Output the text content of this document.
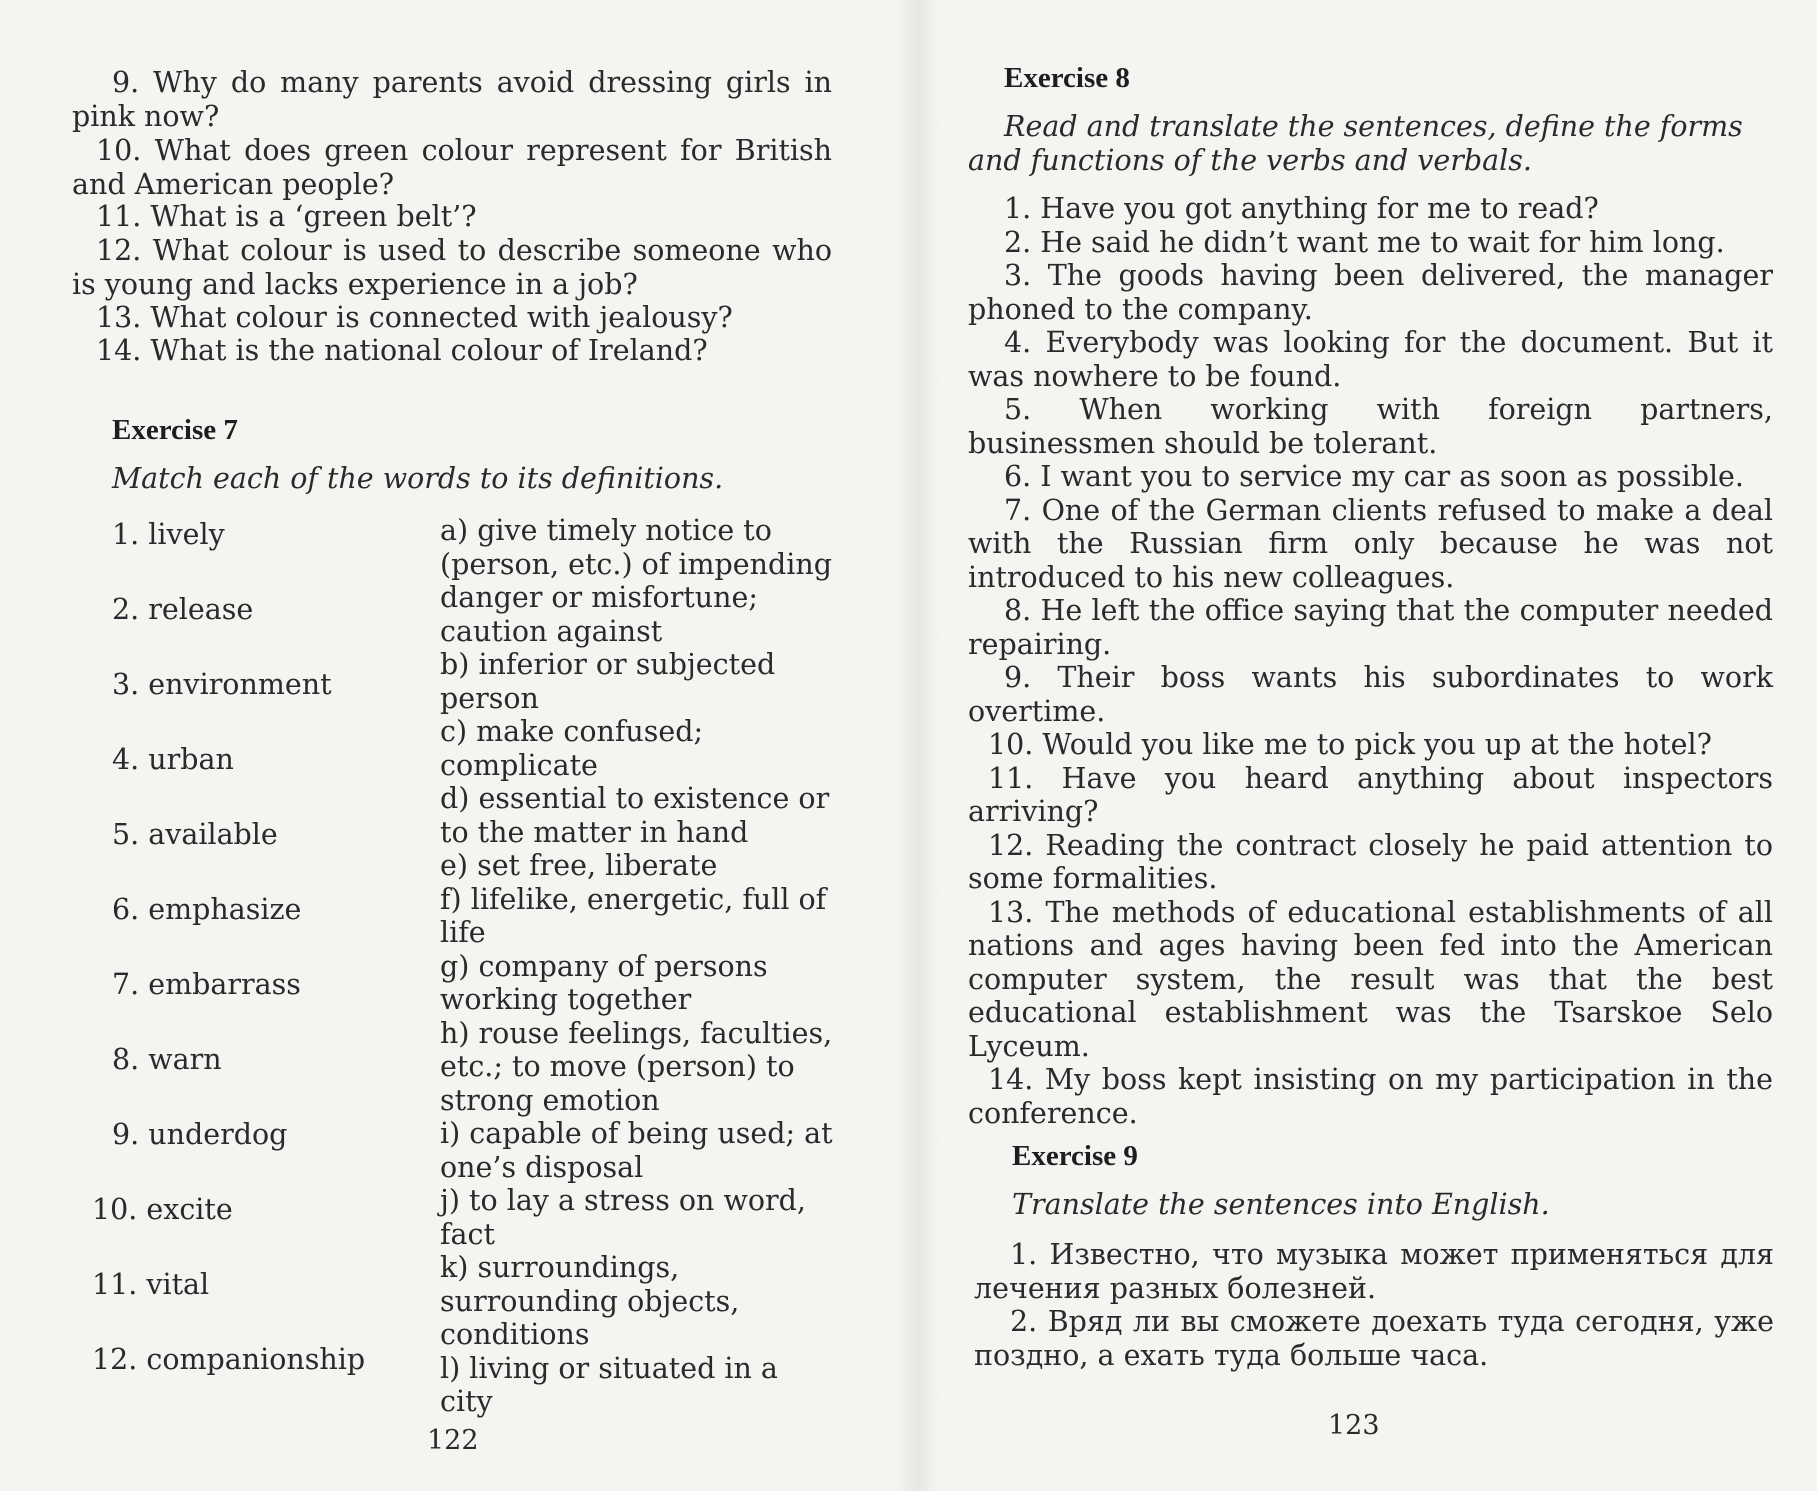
9. Why do many parents avoid dressing girls in pink now?

10. What does green colour represent for British and American people?

11. What is a ‘green belt’?

12. What colour is used to describe someone who is young and lacks experience in a job?

13. What colour is connected with jealousy?

14. What is the national colour of Ireland?

Exercise 7
Match each of the words to its definitions.
1. lively
2. release
3. environment
4. urban
5. available
6. emphasize
7. embarrass
8. warn
9. underdog
10. excite
11. vital
12. companionship
a) give timely notice to (person, etc.) of impending danger or misfortune; caution against
b) inferior or subjected person
c) make confused; complicate
d) essential to existence or to the matter in hand
e) set free, liberate
f) lifelike, energetic, full of life
g) company of persons working together
h) rouse feelings, faculties, etc.; to move (person) to strong emotion
i) capable of being used; at one’s disposal
j) to lay a stress on word, fact
k) surroundings, surrounding objects, conditions
l) living or situated in a city
122
Exercise 8
Read and translate the sentences, define the forms and functions of the verbs and verbals.

1. Have you got anything for me to read?

2. He said he didn’t want me to wait for him long.

3. The goods having been delivered, the manager phoned to the company.

4. Everybody was looking for the document. But it was nowhere to be found.

5. When working with foreign partners, businessmen should be tolerant.

6. I want you to service my car as soon as possible.

7. One of the German clients refused to make a deal with the Russian firm only because he was not introduced to his new colleagues.

8. He left the office saying that the computer needed repairing.

9. Their boss wants his subordinates to work overtime.

10. Would you like me to pick you up at the hotel?

11. Have you heard anything about inspectors arriving?

12. Reading the contract closely he paid attention to some formalities.

13. The methods of educational establishments of all nations and ages having been fed into the American computer system, the result was that the best educational establishment was the Tsarskoe Selo Lyceum.

14. My boss kept insisting on my participation in the conference.

Exercise 9
Translate the sentences into English.

1. Известно, что музыка может применяться для лечения разных болезней.

2. Вряд ли вы сможете доехать туда сегодня, уже поздно, а ехать туда больше часа.

123
